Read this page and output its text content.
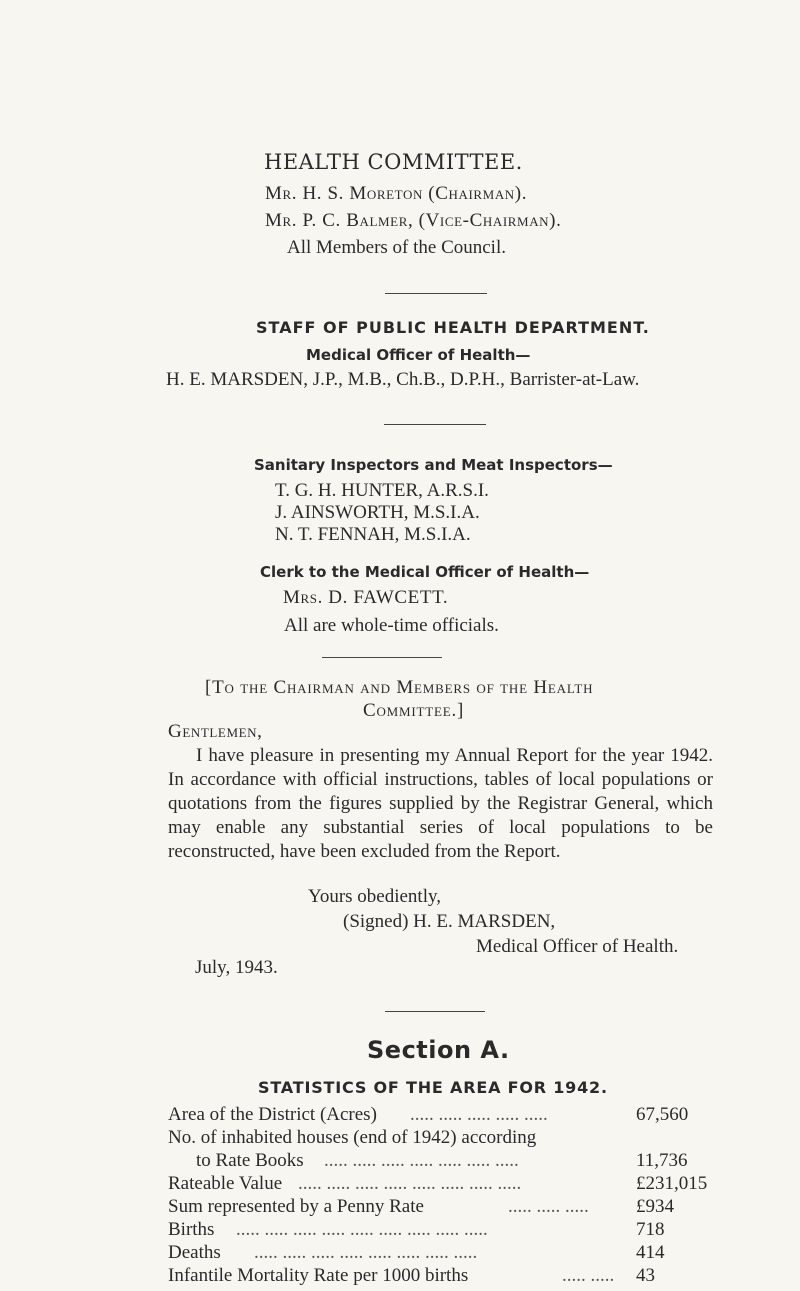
HEALTH COMMITTEE.
Mr. H. S. Moreton (Chairman).
Mr. P. C. Balmer, (Vice-Chairman).
All Members of the Council.
STAFF OF PUBLIC HEALTH DEPARTMENT.
Medical Officer of Health—
H. E. MARSDEN, J.P., M.B., Ch.B., D.P.H., Barrister-at-Law.
Sanitary Inspectors and Meat Inspectors—
T. G. H. HUNTER, A.R.S.I.
J. AINSWORTH, M.S.I.A.
N. T. FENNAH, M.S.I.A.
Clerk to the Medical Officer of Health—
Mrs. D. FAWCETT.
All are whole-time officials.
[To the Chairman and Members of the Health
Committee.]
Gentlemen,
I have pleasure in presenting my Annual Report for the year 1942. In accordance with official instructions, tables of local populations or quotations from the figures supplied by the Registrar General, which may enable any substantial series of local populations to be reconstructed, have been excluded from the Report.
Yours obediently,
(Signed) H. E. MARSDEN,
Medical Officer of Health.
July, 1943.
Section A.
STATISTICS OF THE AREA FOR 1942.
Area of the District (Acres) ..... ..... ..... ..... .....	67,560
No. of inhabited houses (end of 1942) according
to Rate Books ..... ..... ..... ..... ..... ..... .....	11,736
Rateable Value ..... ..... ..... ..... ..... ..... ..... .....	£231,015
Sum represented by a Penny Rate	..... ..... ..... £934
Births ..... ..... ..... ..... ..... ..... ..... ..... .....	718
Deaths ..... ..... ..... ..... ..... ..... ..... .....	414
Infantile Mortality Rate per 1000 births	..... ..... 43
